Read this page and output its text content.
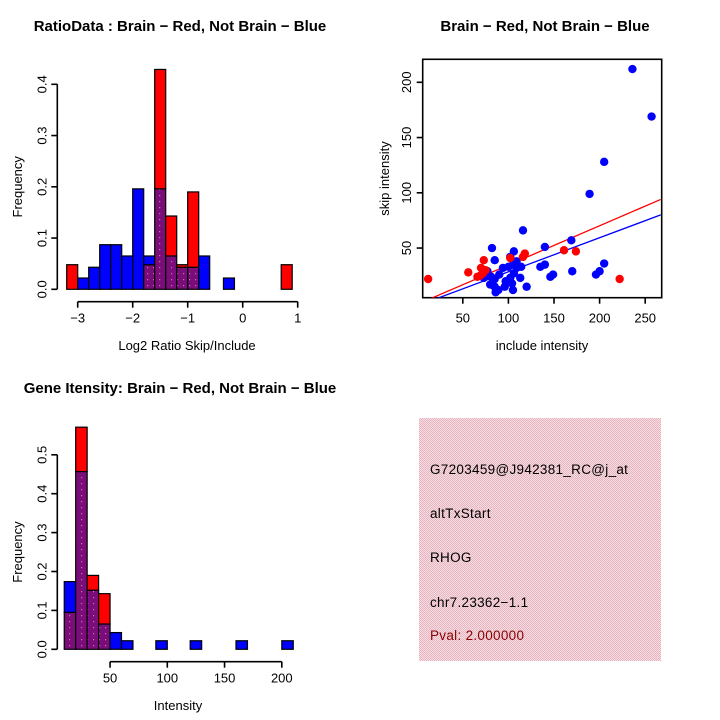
0.0
0.1
0.2
0.3
0.4
−3	−2	−1	0	1
RatioData : Brain − Red, Not Brain − Blue
Log2 Ratio Skip/Include
Frequency
50
100
150
200
50 100 150 200 250
Brain − Red, Not Brain − Blue
include intensity
skip intensity
0.0
0.1
0.2
0.3
0.4
0.5
50	100	150	200
Gene Itensity: Brain − Red, Not Brain − Blue
Intensity
Frequency
G7203459@J942381_RC@j_at
altTxStart
RHOG
chr7.23362−1.1
Pval: 2.000000
